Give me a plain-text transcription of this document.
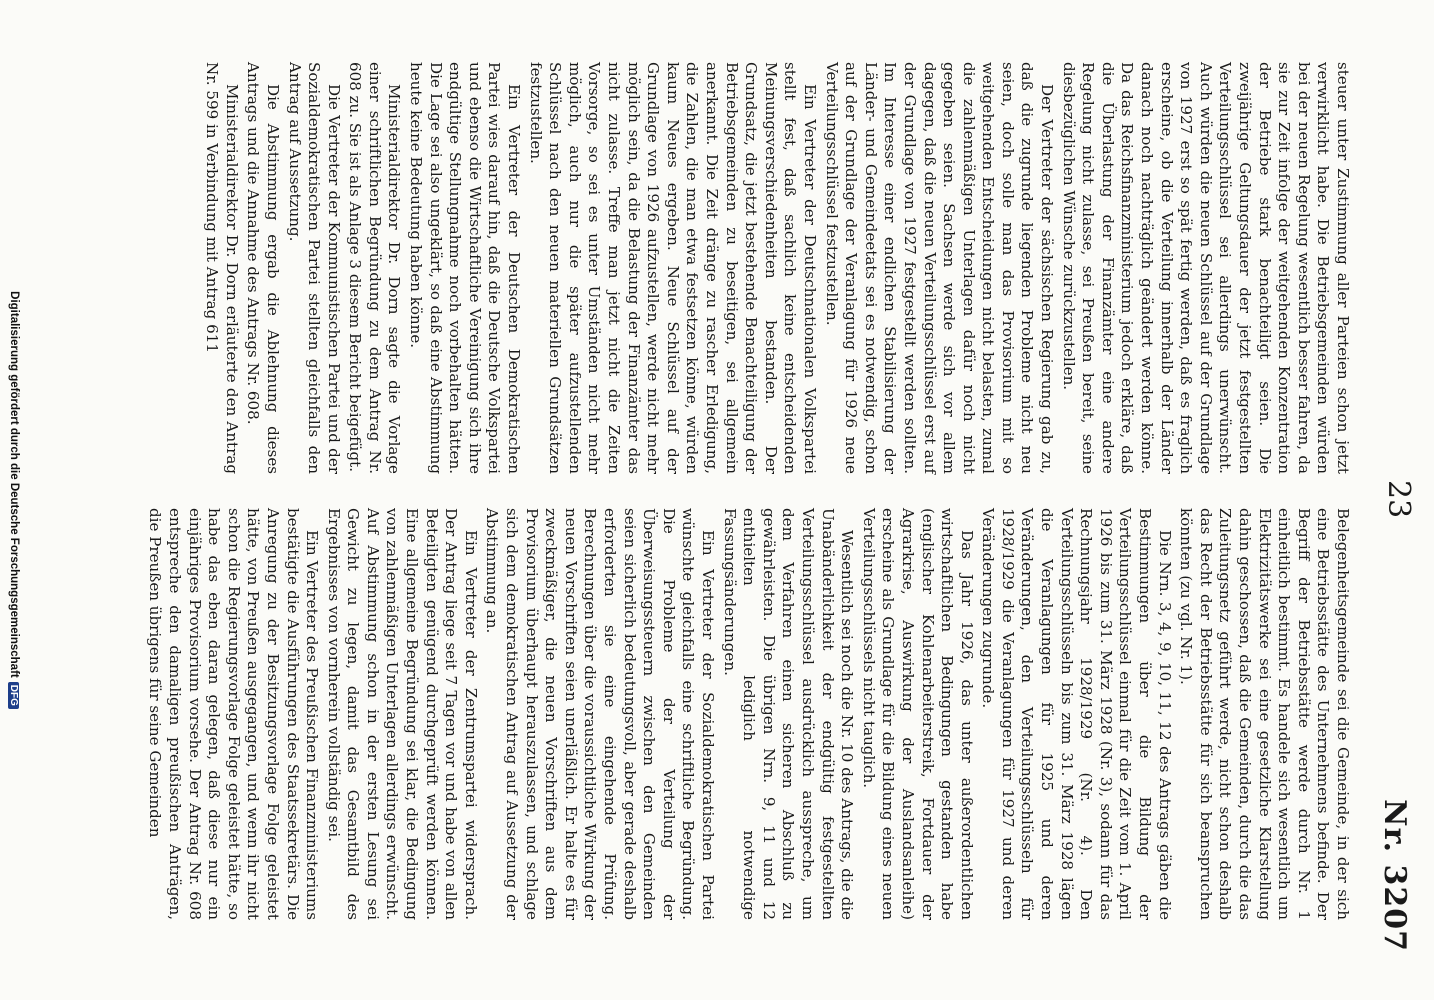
Nr. 3207
23

Belegenheitsgemeinde sei die Gemeinde, in der sich eine Betriebsstätte des Unternehmens befinde. Der Begriff der Betriebsstätte werde durch Nr. 1 einheitlich bestimmt. Es handele sich wesentlich um Elektrizitätswerke sei eine gesetzliche Klarstellung dahin geschossen, daß die Gemeinden, durch die das Zuleitungsnetz geführt werde, nicht schon deshalb das Recht der Betriebsstätte für sich beanspruchen könnten (zu vgl. Nr. 1).

Die Nrn. 3, 4, 9, 10, 11, 12 des Antrags gäben die Bestimmungen über die Bildung der Verteilungsschlüssel einmal für die Zeit vom 1. April 1926 bis zum 31. März 1928 (Nr. 3), sodann für das Rechnungsjahr 1928/1929 (Nr. 4). Den Verteilungsschlüsseln bis zum 31. März 1928 lägen die Veranlagungen für 1925 und deren Veränderungen, den Verteilungsschlüsseln für 1928/1929 die Veranlagungen für 1927 und deren Veränderungen zugrunde.

Das Jahr 1926, das unter außerordentlichen wirtschaftlichen Bedingungen gestanden habe (englischer Kohlenarbeiterstreik, Fortdauer der Agrarkrise, Auswirkung der Auslandsanleihe) erscheine als Grundlage für die Bildung eines neuen Verteilungsschlüssels nicht tauglich.

Wesentlich sei noch die Nr. 10 des Antrags, die die Unabänderlichkeit der endgültig festgestellten Verteilungsschlüssel ausdrücklich ausspreche, um dem Verfahren einen sicheren Abschluß zu gewährleisten. Die übrigen Nrn. 9, 11 und 12 enthielten lediglich notwendige Fassungsänderungen.

Ein Vertreter der Sozialdemokratischen Partei wünschte gleichfalls eine schriftliche Begründung. Die Probleme der Verteilung der Überweisungssteuern zwischen den Gemeinden seien sicherlich bedeutungsvoll, aber gerade deshalb erforderten sie eine eingehende Prüfung. Berechnungen über die voraussichtliche Wirkung der neuen Vorschriften seien unerläßlich. Er halte es für zweckmäßiger, die neuen Vorschriften aus dem Provisorium überhaupt herauszulassen, und schlage sich dem demokratischen Antrag auf Aussetzung der Abstimmung an.

Ein Vertreter der Zentrumspartei widersprach. Der Antrag liege seit 7 Tagen vor und habe von allen Beteiligten genügend durchgeprüft werden können. Eine allgemeine Begründung sei klar, die Bedingung von zahlenmäßigen Unterlagen allerdings erwünscht. Auf Abstimmung schon in der ersten Lesung sei Gewicht zu legen, damit das Gesamtbild des Ergebnisses von vornherein vollständig sei.

Ein Vertreter des Preußischen Finanzministeriums bestätigte die Ausführungen des Staatssekretärs. Die Anregung zu der Besitzungsvorlage Folge geleistet hätte, von Preußen ausgegangen, und wenn ihr nicht schon die Regierungsvorlage Folge geleistet hätte, so habe das eben daran gelegen, daß diese nur ein einjähriges Provisorium vorsehe. Der Antrag Nr. 608 entspreche den damaligen preußischen Anträgen, die Preußen übrigens für seine Gemeinden

steuer unter Zustimmung aller Parteien schon jetzt verwirklicht habe. Die Betriebsgemeinden würden bei der neuen Regelung wesentlich besser fahren, da sie zur Zeit infolge der weitgehenden Konzentration der Betriebe stark benachteiligt seien. Die zweijährige Geltungsdauer der jetzt festgestellten Verteilungsschlüssel sei allerdings unerwünscht. Auch würden die neuen Schlüssel auf der Grundlage von 1927 erst so spät fertig werden, daß es fraglich erscheine, ob die Verteilung innerhalb der Länder danach noch nachträglich geändert werden könne. Da das Reichsfinanzministerium jedoch erkläre, daß die Überlastung der Finanzämter eine andere Regelung nicht zulasse, sei Preußen bereit, seine diesbezüglichen Wünsche zurückzustellen.

Der Vertreter der sächsischen Regierung gab zu, daß die zugrunde liegenden Probleme nicht neu seien, doch solle man das Provisorium mit so weitgehenden Entscheidungen nicht belasten, zumal die zahlenmäßigen Unterlagen dafür noch nicht gegeben seien. Sachsen werde sich vor allem dagegen, daß die neuen Verteilungsschlüssel erst auf der Grundlage von 1927 festgestellt werden sollten. Im Interesse einer endlichen Stabilisierung der Länder- und Gemeindeetats sei es notwendig, schon auf der Grundlage der Veranlagung für 1926 neue Verteilungsschlüssel festzustellen.

Ein Vertreter der Deutschnationalen Volkspartei stellt fest, daß sachlich keine entscheidenden Meinungsverschiedenheiten bestanden. Der Grundsatz, die jetzt bestehende Benachteiligung der Betriebsgemeinden zu beseitigen, sei allgemein anerkannt. Die Zeit dränge zu rascher Erledigung, die Zahlen, die man etwa festsetzen könne, würden kaum Neues ergeben. Neue Schlüssel auf der Grundlage von 1926 aufzustellen, werde nicht mehr möglich sein, da die Belastung der Finanzämter das nicht zulasse. Treffe man jetzt nicht die Zeiten Vorsorge, so sei es unter Umständen nicht mehr möglich, auch nur die später aufzustellenden Schlüssel nach den neuen materiellen Grundsätzen festzustellen.

Ein Vertreter der Deutschen Demokratischen Partei wies darauf hin, daß die Deutsche Volkspartei und ebenso die Wirtschaftliche Vereinigung sich ihre endgültige Stellungnahme noch vorbehalten hätten. Die Lage sei also ungeklärt, so daß eine Abstimmung heute keine Bedeutung haben könne.

Ministerialdirektor Dr. Dorn sagte die Vorlage einer schriftlichen Begründung zu dem Antrag Nr. 608 zu. Sie ist als Anlage 3 diesem Bericht beigefügt.

Die Vertreter der Kommunistischen Partei und der Sozialdemokratischen Partei stellten gleichfalls den Antrag auf Aussetzung.

Die Abstimmung ergab die Ablehnung dieses Antrags und die Annahme des Antrags Nr. 608.

Ministerialdirektor Dr. Dorn erläuterte den Antrag Nr. 599 in Verbindung mit Antrag 611

Digitalisierung gefördert durch die Deutsche ForschungsgemeinschaftDFG
